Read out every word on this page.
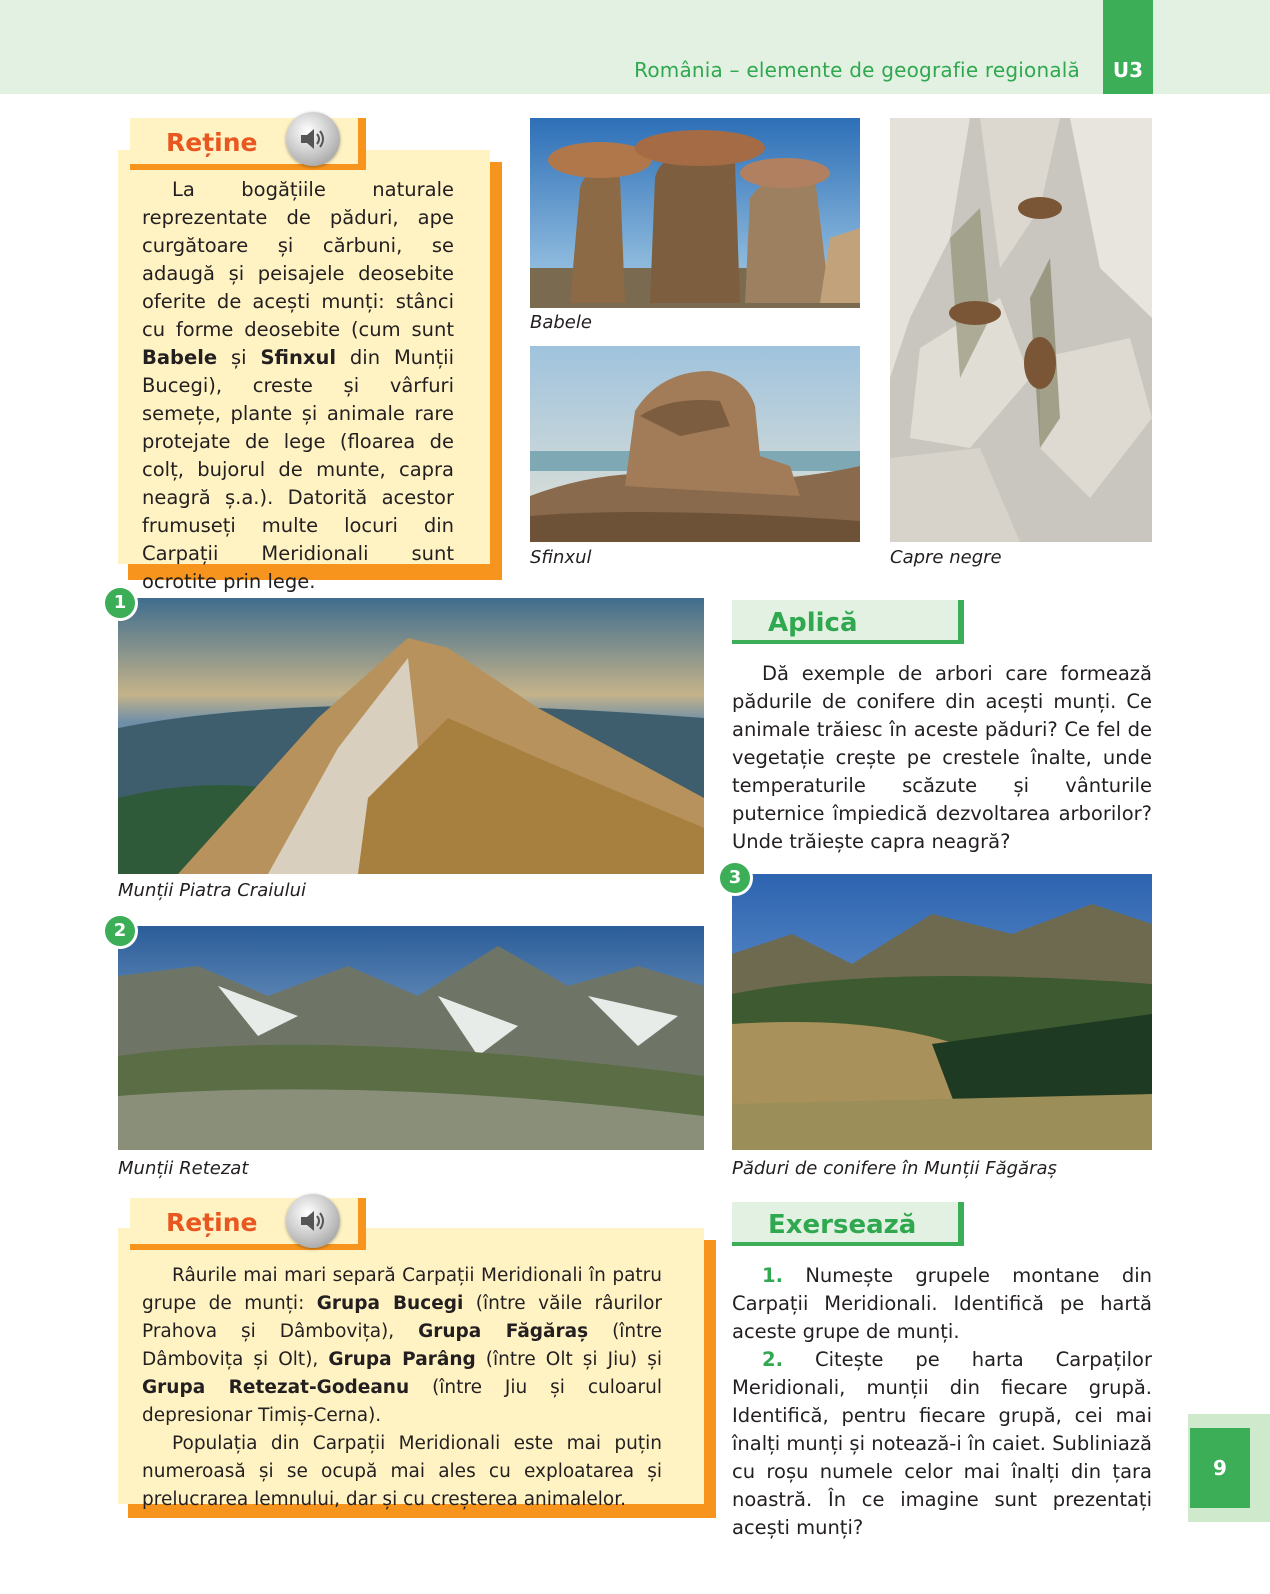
România – elemente de geografie regională	U3
Reține

La bogățiile naturale reprezentate de păduri, ape curgătoare și cărbuni, se adaugă și peisajele deosebite oferite de acești munți: stânci cu forme deosebite (cum sunt Babele și Sfinxul din Munții Bucegi), creste și vârfuri semețe, plante și animale rare protejate de lege (floarea de colț, bujorul de munte, capra neagră ș.a.). Datorită acestor frumuseți multe locuri din Carpații Meridionali sunt ocrotite prin lege.

Babele
Sfinxul	Capre negre
1
Munții Piatra Craiului
2
Munții Retezat
Aplică

Dă exemple de arbori care formează pădurile de conifere din acești munți. Ce animale trăiesc în aceste păduri? Ce fel de vegetație crește pe crestele înalte, unde temperaturile scăzute și vânturile puternice împiedică dezvoltarea arborilor? Unde trăiește capra neagră?

3
Păduri de conifere în Munții Făgăraș
Reține

Râurile mai mari separă Carpații Meridionali în patru grupe de munți: Grupa Bucegi (între văile râurilor Prahova și Dâmbovița), Grupa Făgăraș (între Dâmbovița și Olt), Grupa Parâng (între Olt și Jiu) și Grupa Retezat-Godeanu (între Jiu și culoarul depresionar Timiș-Cerna).

Populația din Carpații Meridionali este mai puțin numeroasă și se ocupă mai ales cu exploatarea și prelucrarea lemnului, dar și cu creșterea animalelor.

Exersează

1. Numește grupele montane din Carpații Meridionali. Identifică pe hartă aceste grupe de munți.

2. Citește pe harta Carpaților Meridionali, munții din fiecare grupă. Identifică, pentru fiecare grupă, cei mai înalți munți și notează-i în caiet. Subliniază cu roșu numele celor mai înalți din țara noastră. În ce imagine sunt prezentați acești munți?

9
